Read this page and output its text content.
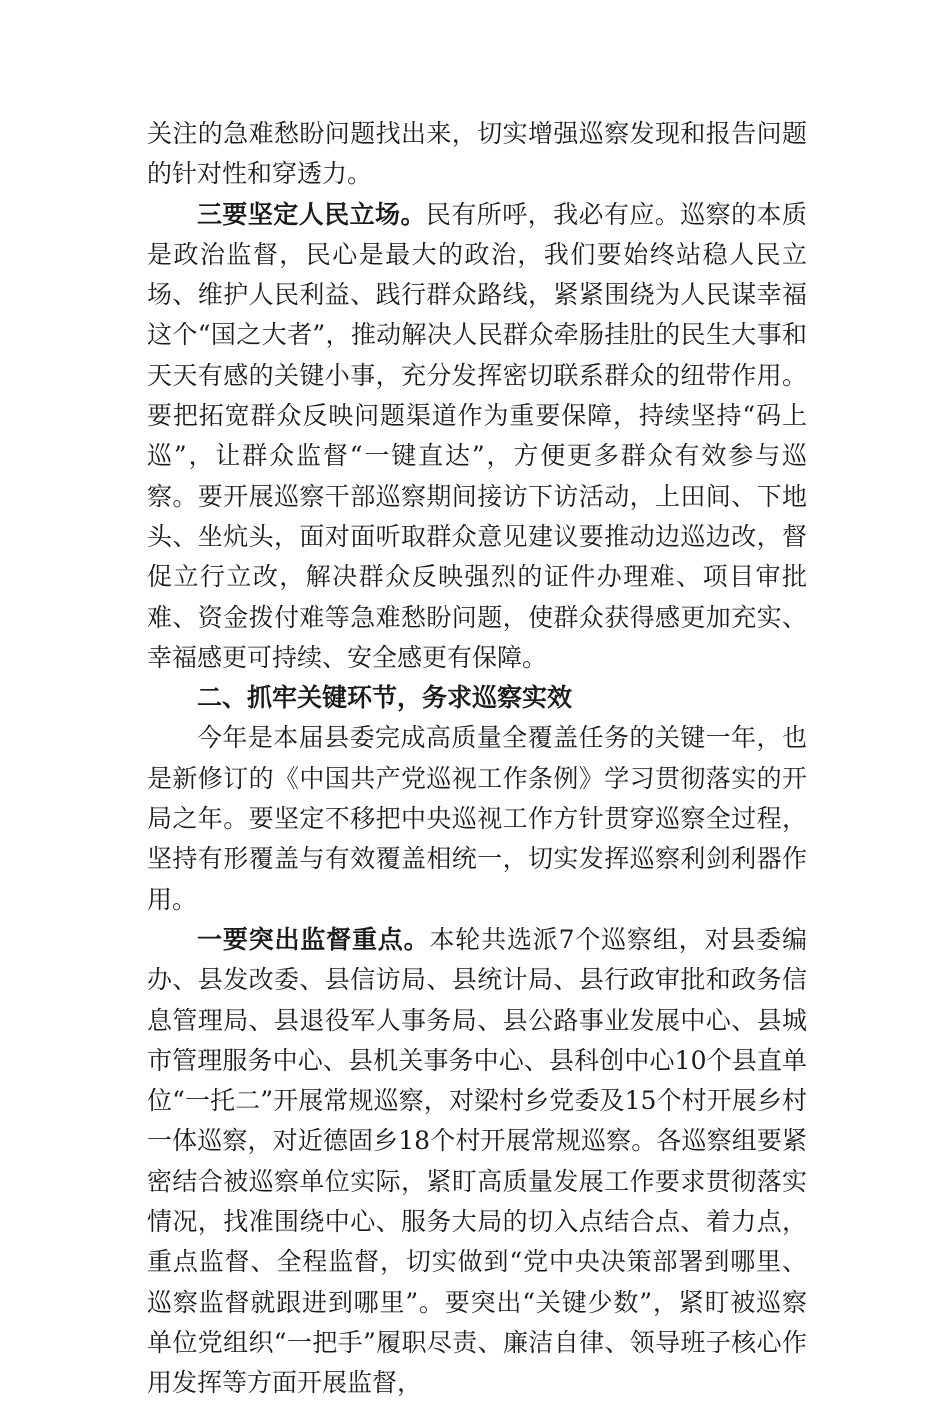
关注的急难愁盼问题找出来，切实增强巡察发现和报告问题的针对性和穿透力。

三要坚定人民立场。民有所呼，我必有应。巡察的本质是政治监督，民心是最大的政治，我们要始终站稳人民立场、维护人民利益、践行群众路线，紧紧围绕为人民谋幸福这个“国之大者”，推动解决人民群众牵肠挂肚的民生大事和天天有感的关键小事，充分发挥密切联系群众的纽带作用。要把拓宽群众反映问题渠道作为重要保障，持续坚持“码上巡”，让群众监督“一键直达”，方便更多群众有效参与巡察。要开展巡察干部巡察期间接访下访活动，上田间、下地头、坐炕头，面对面听取群众意见建议要推动边巡边改，督促立行立改，解决群众反映强烈的证件办理难、项目审批难、资金拨付难等急难愁盼问题，使群众获得感更加充实、幸福感更可持续、安全感更有保障。

二、抓牢关键环节，务求巡察实效

今年是本届县委完成高质量全覆盖任务的关键一年，也是新修订的《中国共产党巡视工作条例》学习贯彻落实的开局之年。要坚定不移把中央巡视工作方针贯穿巡察全过程，坚持有形覆盖与有效覆盖相统一，切实发挥巡察利剑利器作用。

一要突出监督重点。本轮共选派7个巡察组，对县委编办、县发改委、县信访局、县统计局、县行政审批和政务信息管理局、县退役军人事务局、县公路事业发展中心、县城市管理服务中心、县机关事务中心、县科创中心10个县直单位“一托二”开展常规巡察，对梁村乡党委及15个村开展乡村一体巡察，对近德固乡18个村开展常规巡察。各巡察组要紧密结合被巡察单位实际，紧盯高质量发展工作要求贯彻落实情况，找准围绕中心、服务大局的切入点结合点、着力点，重点监督、全程监督，切实做到“党中央决策部署到哪里、巡察监督就跟进到哪里”。要突出“关键少数”，紧盯被巡察单位党组织“一把手”履职尽责、廉洁自律、领导班子核心作用发挥等方面开展监督，
